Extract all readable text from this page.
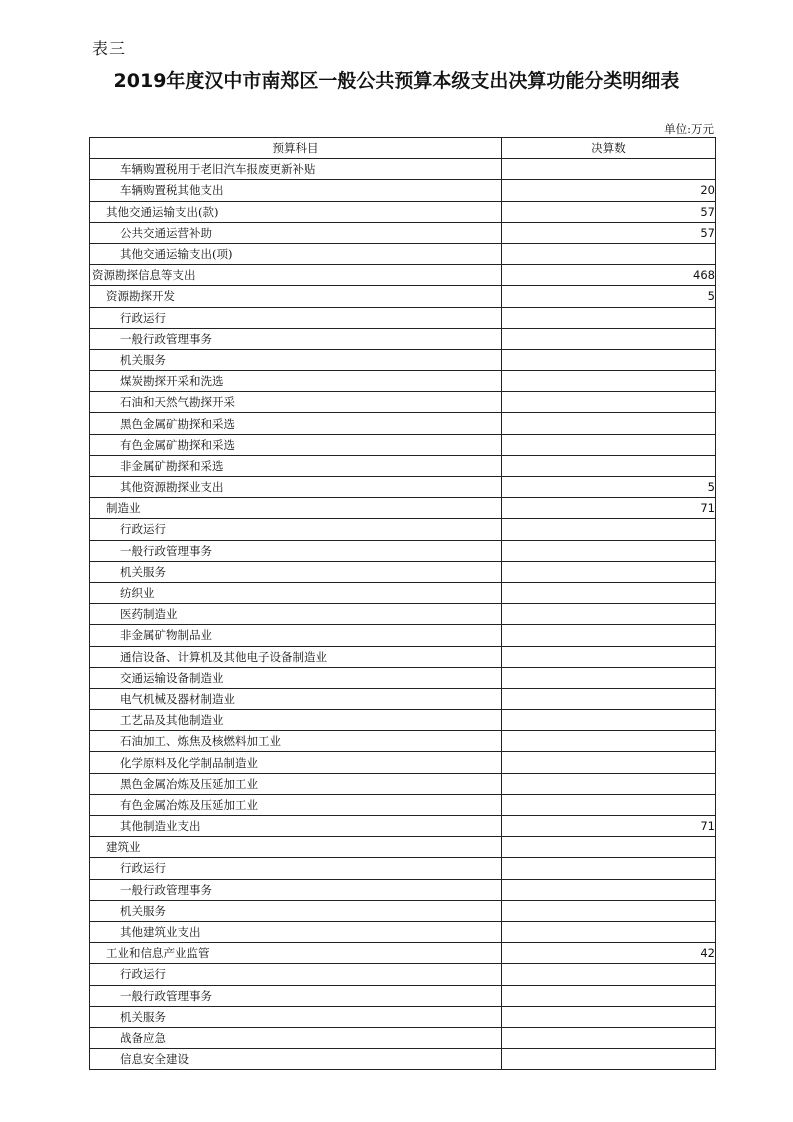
表三
2019年度汉中市南郑区一般公共预算本级支出决算功能分类明细表
单位:万元
预算科目	决算数
车辆购置税用于老旧汽车报废更新补贴	
车辆购置税其他支出	20
其他交通运输支出(款)	57
公共交通运营补助	57
其他交通运输支出(项)	
资源勘探信息等支出	468
资源勘探开发	5
行政运行	
一般行政管理事务	
机关服务	
煤炭勘探开采和洗选	
石油和天然气勘探开采	
黑色金属矿勘探和采选	
有色金属矿勘探和采选	
非金属矿勘探和采选	
其他资源勘探业支出	5
制造业	71
行政运行	
一般行政管理事务	
机关服务	
纺织业	
医药制造业	
非金属矿物制品业	
通信设备、计算机及其他电子设备制造业	
交通运输设备制造业	
电气机械及器材制造业	
工艺品及其他制造业	
石油加工、炼焦及核燃料加工业	
化学原料及化学制品制造业	
黑色金属冶炼及压延加工业	
有色金属冶炼及压延加工业	
其他制造业支出	71
建筑业	
行政运行	
一般行政管理事务	
机关服务	
其他建筑业支出	
工业和信息产业监管	42
行政运行	
一般行政管理事务	
机关服务	
战备应急	
信息安全建设	
